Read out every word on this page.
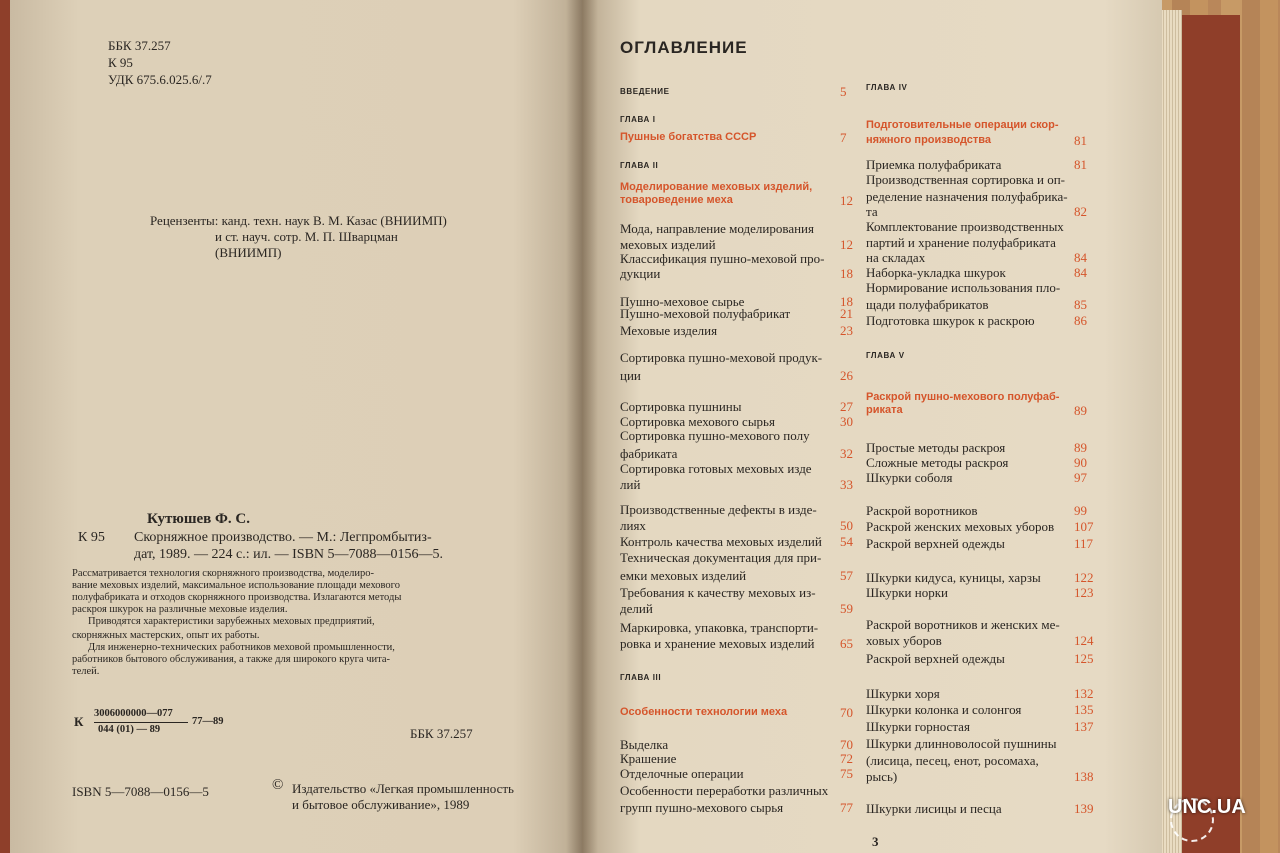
ББК 37.257
К 95
УДК 675.6.025.6/.7
Рецензенты: канд. техн. наук В. М. Казас (ВНИИМП)
и ст. науч. сотр. М. П. Шварцман
(ВНИИМП)
Кутюшев Ф. С.
К 95 Скорняжное производство. — М.: Легпромбытиз-
дат, 1989. — 224 с.: ил. — ISBN 5—7088—0156—5.
Рассматривается технология скорняжного производства, моделиро-
вание меховых изделий, максимальное использование площади мехового
полуфабриката и отходов скорняжного производства. Излагаются методы
раскроя шкурок на различные меховые изделия.
Приводятся характеристики зарубежных меховых предприятий,
скорняжных мастерских, опыт их работы.
Для инженерно-технических работников меховой промышленности,
работников бытового обслуживания, а также для широкого круга чита-
телей.
К
3006000000—077
044 (01) — 89
77—89
ББК 37.257
ISBN 5—7088—0156—5	© Издательство «Легкая промышленность
и бытовое обслуживание», 1989
ОГЛАВЛЕНИЕ
ВВЕДЕНИЕ	5
ГЛАВА I
Пушные богатства СССР	7
ГЛАВА II
Моделирование меховых изделий,
товароведение меха	12
Мода, направление моделирования
меховых изделий	12
Классификация пушно-меховой про-
дукции	18
Пушно-меховое сырье	18
Пушно-меховой полуфабрикат	21
Меховые изделия	23
Сортировка пушно-меховой продук-
ции	26
Сортировка пушнины	27
Сортировка мехового сырья	30
Сортировка пушно-мехового полу
фабриката	32
Сортировка готовых меховых изде
лий	33
Производственные дефекты в изде-
лиях	50
Контроль качества меховых изделий 54
Техническая документация для при-
емки меховых изделий	57
Требования к качеству меховых из-
делий	59
Маркировка, упаковка, транспорти-
ровка и хранение меховых изделий 65
ГЛАВА III
Особенности технологии меха	70
Выделка	70
Крашение	72
Отделочные операции	75
Особенности переработки различных
групп пушно-мехового сырья	77
ГЛАВА IV
Подготовительные операции скор-
няжного производства	81
Приемка полуфабриката	81
Производственная сортировка и оп-
ределение назначения полуфабрика-
та	82
Комплектование производственных
партий и хранение полуфабриката
на складах	84
Наборка-укладка шкурок	84
Нормирование использования пло-
щади полуфабрикатов	85
Подготовка шкурок к раскрою	86
ГЛАВА V
Раскрой пушно-мехового полуфаб-
риката	89
Простые методы раскроя	89
Сложные методы раскроя	90
Шкурки соболя	97
Раскрой воротников	99
Раскрой женских меховых уборов 107
Раскрой верхней одежды	117
Шкурки кидуса, куницы, харзы	122
Шкурки норки	123
Раскрой воротников и женских ме-
ховых уборов	124
Раскрой верхней одежды	125
Шкурки хоря	132
Шкурки колонка и солонгоя	135
Шкурки горностая	137
Шкурки длинноволосой пушнины
(лисица, песец, енот, росомаха,
рысь)	138
Шкурки лисицы и песца	139
3
UNC.UA
